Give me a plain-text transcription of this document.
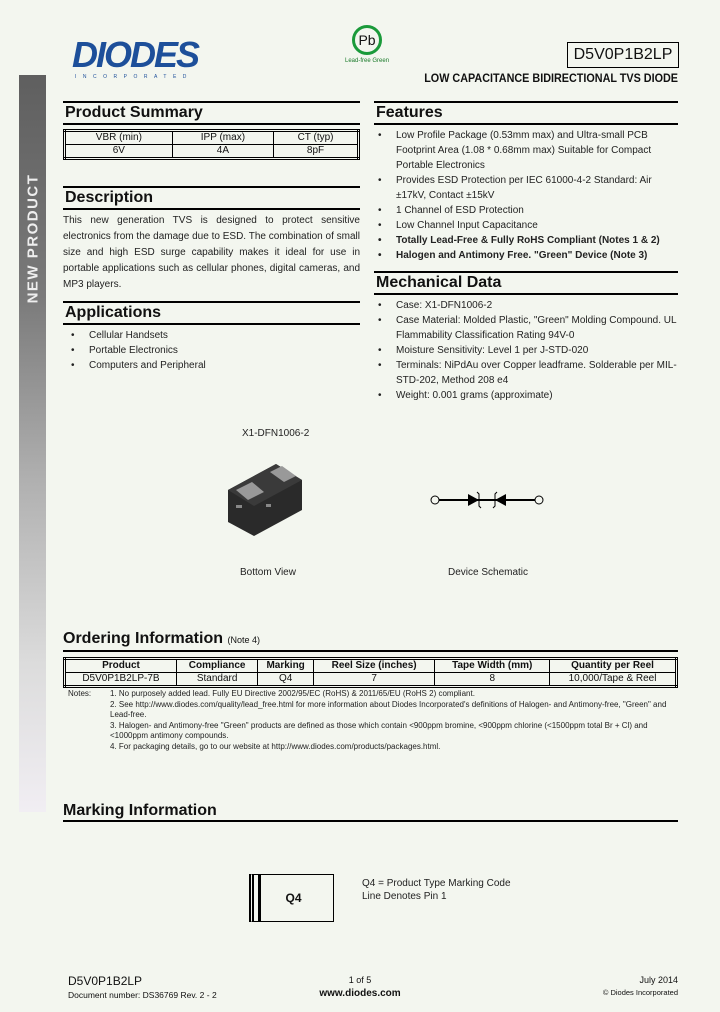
NEW PRODUCT
DIODES
INCORPORATED
Pb
Lead-free Green	D5V0P1B2LP
LOW CAPACITANCE BIDIRECTIONAL TVS DIODE
Product Summary
VBR (min)	IPP (max)	CT (typ)
6V	4A	8pF
Description
This new generation TVS is designed to protect sensitive electronics from the damage due to ESD. The combination of small size and high ESD surge capability makes it ideal for use in portable applications such as cellular phones, digital cameras, and MP3 players.
Applications
• Cellular Handsets
• Portable Electronics
• Computers and Peripheral
Features
• Low Profile Package (0.53mm max) and Ultra-small PCB Footprint Area (1.08 * 0.68mm max) Suitable for Compact Portable Electronics
• Provides ESD Protection per IEC 61000-4-2 Standard: Air ±17kV, Contact ±15kV
• 1 Channel of ESD Protection
• Low Channel Input Capacitance
• Totally Lead-Free & Fully RoHS Compliant (Notes 1 & 2)
• Halogen and Antimony Free. "Green" Device (Note 3)
Mechanical Data
• Case: X1-DFN1006-2
• Case Material: Molded Plastic, "Green" Molding Compound. UL Flammability Classification Rating 94V-0
• Moisture Sensitivity: Level 1 per J-STD-020
• Terminals: NiPdAu over Copper leadframe. Solderable per MIL-STD-202, Method 208 e4
• Weight: 0.001 grams (approximate)
X1-DFN1006-2
Bottom View	Device Schematic
Ordering Information (Note 4)
Product	Compliance	Marking	Reel Size (inches)	Tape Width (mm)	Quantity per Reel
D5V0P1B2LP-7B	Standard	Q4	7	8	10,000/Tape & Reel
Notes: 1. No purposely added lead. Fully EU Directive 2002/95/EC (RoHS) & 2011/65/EU (RoHS 2) compliant.
2. See http://www.diodes.com/quality/lead_free.html for more information about Diodes Incorporated's definitions of Halogen- and Antimony-free, "Green" and Lead-free.
3. Halogen- and Antimony-free "Green" products are defined as those which contain <900ppm bromine, <900ppm chlorine (<1500ppm total Br + Cl) and <1000ppm antimony compounds.
4. For packaging details, go to our website at http://www.diodes.com/products/packages.html.
Marking Information
Q4
Q4 = Product Type Marking Code
Line Denotes Pin 1
D5V0P1B2LP
Document number: DS36769 Rev. 2 - 2
1 of 5
www.diodes.com
July 2014
© Diodes Incorporated
